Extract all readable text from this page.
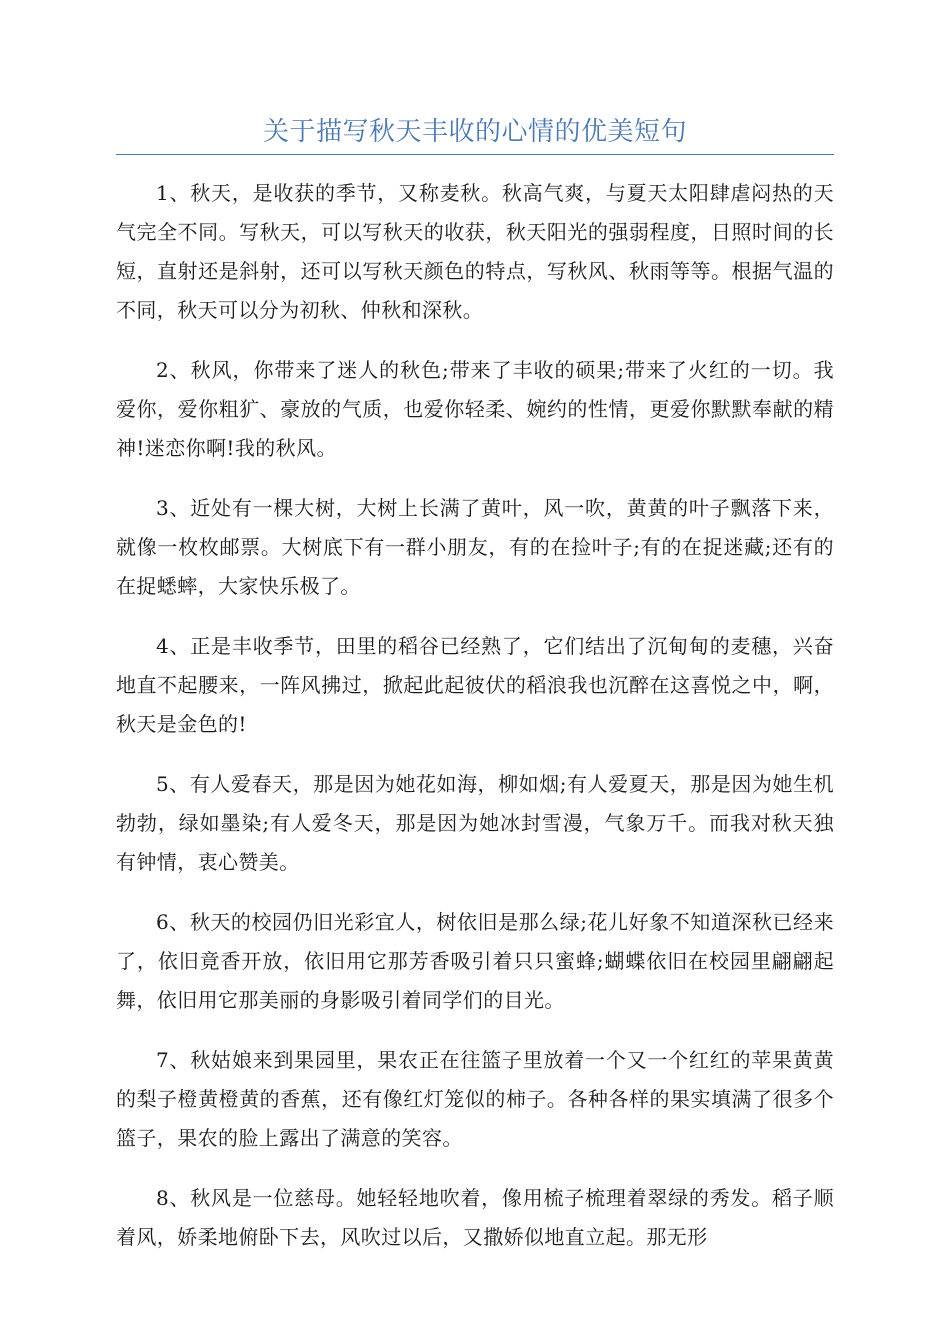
关于描写秋天丰收的心情的优美短句

1、秋天，是收获的季节，又称麦秋。秋高气爽，与夏天太阳肆虐闷热的天气完全不同。写秋天，可以写秋天的收获，秋天阳光的强弱程度，日照时间的长短，直射还是斜射，还可以写秋天颜色的特点，写秋风、秋雨等等。根据气温的不同，秋天可以分为初秋、仲秋和深秋。

2、秋风，你带来了迷人的秋色;带来了丰收的硕果;带来了火红的一切。我爱你，爱你粗犷、豪放的气质，也爱你轻柔、婉约的性情，更爱你默默奉献的精神!迷恋你啊!我的秋风。

3、近处有一棵大树，大树上长满了黄叶，风一吹，黄黄的叶子飘落下来，就像一枚枚邮票。大树底下有一群小朋友，有的在捡叶子;有的在捉迷藏;还有的在捉蟋蟀，大家快乐极了。

4、正是丰收季节，田里的稻谷已经熟了，它们结出了沉甸甸的麦穗，兴奋地直不起腰来，一阵风拂过，掀起此起彼伏的稻浪我也沉醉在这喜悦之中，啊，秋天是金色的!

5、有人爱春天，那是因为她花如海，柳如烟;有人爱夏天，那是因为她生机勃勃，绿如墨染;有人爱冬天，那是因为她冰封雪漫，气象万千。而我对秋天独有钟情，衷心赞美。

6、秋天的校园仍旧光彩宜人，树依旧是那么绿;花儿好象不知道深秋已经来了，依旧竟香开放，依旧用它那芳香吸引着只只蜜蜂;蝴蝶依旧在校园里翩翩起舞，依旧用它那美丽的身影吸引着同学们的目光。

7、秋姑娘来到果园里，果农正在往篮子里放着一个又一个红红的苹果黄黄的梨子橙黄橙黄的香蕉，还有像红灯笼似的柿子。各种各样的果实填满了很多个篮子，果农的脸上露出了满意的笑容。

8、秋风是一位慈母。她轻轻地吹着，像用梳子梳理着翠绿的秀发。稻子顺着风，娇柔地俯卧下去，风吹过以后，又撒娇似地直立起。那无形
